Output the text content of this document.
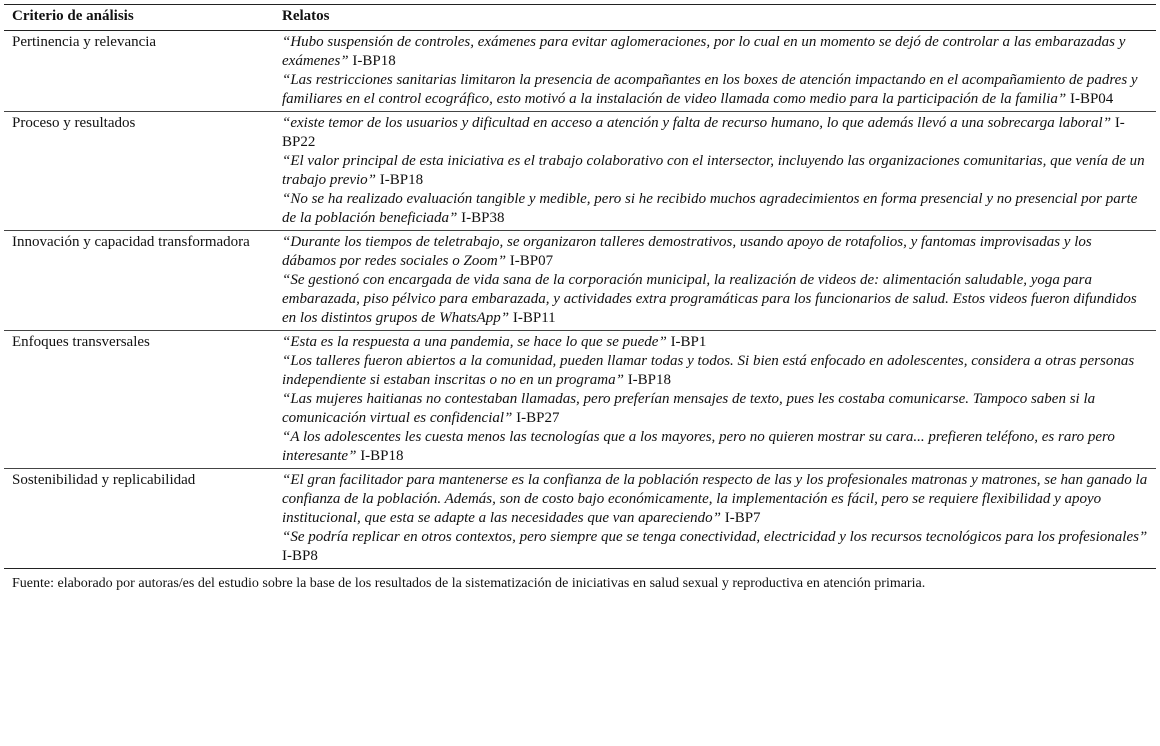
Criterio de análisis	Relatos
Pertinencia y relevancia	“Hubo suspensión de controles, exámenes para evitar aglomeraciones, por lo cual en un momento se dejó de controlar a las embarazadas y exámenes” I-BP18
“Las restricciones sanitarias limitaron la presencia de acompañantes en los boxes de atención impactando en el acompañamiento de padres y familiares en el control ecográfico, esto motivó a la instalación de video llamada como medio para la participación de la familia” I-BP04

Proceso y resultados	“existe temor de los usuarios y dificultad en acceso a atención y falta de recurso humano, lo que además llevó a una sobrecarga laboral” I-BP22
“El valor principal de esta iniciativa es el trabajo colaborativo con el intersector, incluyendo las organizaciones comunitarias, que venía de un trabajo previo” I-BP18
“No se ha realizado evaluación tangible y medible, pero si he recibido muchos agradecimientos en forma presencial y no presencial por parte de la población beneficiada” I-BP38

Innovación y capacidad transformadora	“Durante los tiempos de teletrabajo, se organizaron talleres demostrativos, usando apoyo de rotafolios, y fantomas improvisadas y los dábamos por redes sociales o Zoom” I-BP07
“Se gestionó con encargada de vida sana de la corporación municipal, la realización de videos de: alimentación saludable, yoga para embarazada, piso pélvico para embarazada, y actividades extra programáticas para los funcionarios de salud. Estos videos fueron difundidos en los distintos grupos de WhatsApp” I-BP11

Enfoques transversales	“Esta es la respuesta a una pandemia, se hace lo que se puede” I-BP1
“Los talleres fueron abiertos a la comunidad, pueden llamar todas y todos. Si bien está enfocado en adolescentes, considera a otras personas independiente si estaban inscritas o no en un programa” I-BP18
“Las mujeres haitianas no contestaban llamadas, pero preferían mensajes de texto, pues les costaba comunicarse. Tampoco saben si la comunicación virtual es confidencial” I-BP27
“A los adolescentes les cuesta menos las tecnologías que a los mayores, pero no quieren mostrar su cara... prefieren teléfono, es raro pero interesante” I-BP18

Sostenibilidad y replicabilidad	“El gran facilitador para mantenerse es la confianza de la población respecto de las y los profesionales matronas y matrones, se han ganado la confianza de la población. Además, son de costo bajo económicamente, la implementación es fácil, pero se requiere flexibilidad y apoyo institucional, que esta se adapte a las necesidades que van apareciendo” I-BP7
“Se podría replicar en otros contextos, pero siempre que se tenga conectividad, electricidad y los recursos tecnológicos para los profesionales” I-BP8
Fuente: elaborado por autoras/es del estudio sobre la base de los resultados de la sistematización de iniciativas en salud sexual y reproductiva en atención primaria.
